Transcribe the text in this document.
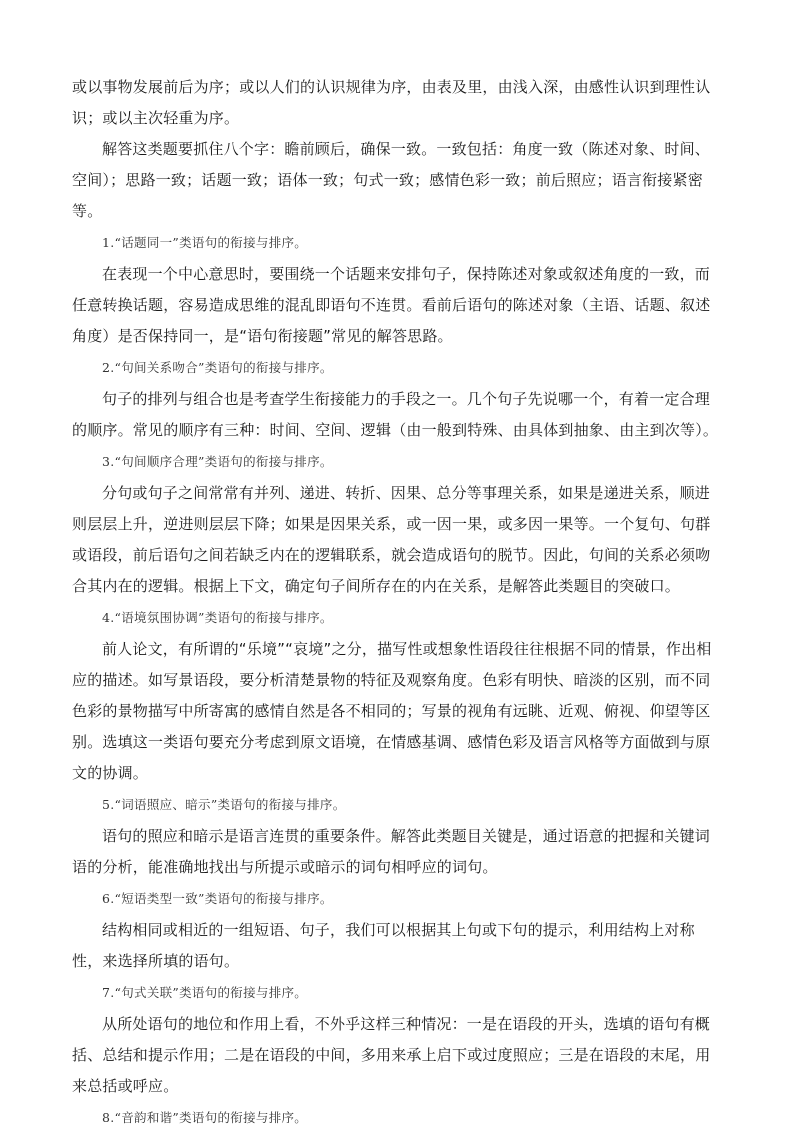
或以事物发展前后为序；或以人们的认识规律为序，由表及里，由浅入深，由感性认识到理性认识；或以主次轻重为序。

解答这类题要抓住八个字：瞻前顾后，确保一致。一致包括：角度一致（陈述对象、时间、空间）；思路一致；话题一致；语体一致；句式一致；感情色彩一致；前后照应；语言衔接紧密等。

1.“话题同一”类语句的衔接与排序。

在表现一个中心意思时，要围绕一个话题来安排句子，保持陈述对象或叙述角度的一致，而任意转换话题，容易造成思维的混乱即语句不连贯。看前后语句的陈述对象（主语、话题、叙述角度）是否保持同一，是“语句衔接题”常见的解答思路。

2.“句间关系吻合”类语句的衔接与排序。

句子的排列与组合也是考查学生衔接能力的手段之一。几个句子先说哪一个，有着一定合理的顺序。常见的顺序有三种：时间、空间、逻辑（由一般到特殊、由具体到抽象、由主到次等）。

3.“句间顺序合理”类语句的衔接与排序。

分句或句子之间常常有并列、递进、转折、因果、总分等事理关系，如果是递进关系，顺进则层层上升，逆进则层层下降；如果是因果关系，或一因一果，或多因一果等。一个复句、句群或语段，前后语句之间若缺乏内在的逻辑联系，就会造成语句的脱节。因此，句间的关系必须吻合其内在的逻辑。根据上下文，确定句子间所存在的内在关系，是解答此类题目的突破口。

4.“语境氛围协调”类语句的衔接与排序。

前人论文，有所谓的“乐境”“哀境”之分，描写性或想象性语段往往根据不同的情景，作出相应的描述。如写景语段，要分析清楚景物的特征及观察角度。色彩有明快、暗淡的区别，而不同色彩的景物描写中所寄寓的感情自然是各不相同的；写景的视角有远眺、近观、俯视、仰望等区别。选填这一类语句要充分考虑到原文语境，在情感基调、感情色彩及语言风格等方面做到与原文的协调。

5.“词语照应、暗示”类语句的衔接与排序。

语句的照应和暗示是语言连贯的重要条件。解答此类题目关键是，通过语意的把握和关键词语的分析，能准确地找出与所提示或暗示的词句相呼应的词句。

6.“短语类型一致”类语句的衔接与排序。

结构相同或相近的一组短语、句子，我们可以根据其上句或下句的提示，利用结构上对称性，来选择所填的语句。

7.“句式关联”类语句的衔接与排序。

从所处语句的地位和作用上看，不外乎这样三种情况：一是在语段的开头，选填的语句有概括、总结和提示作用；二是在语段的中间，多用来承上启下或过度照应；三是在语段的末尾，用来总括或呼应。

8.“音韵和谐”类语句的衔接与排序。
